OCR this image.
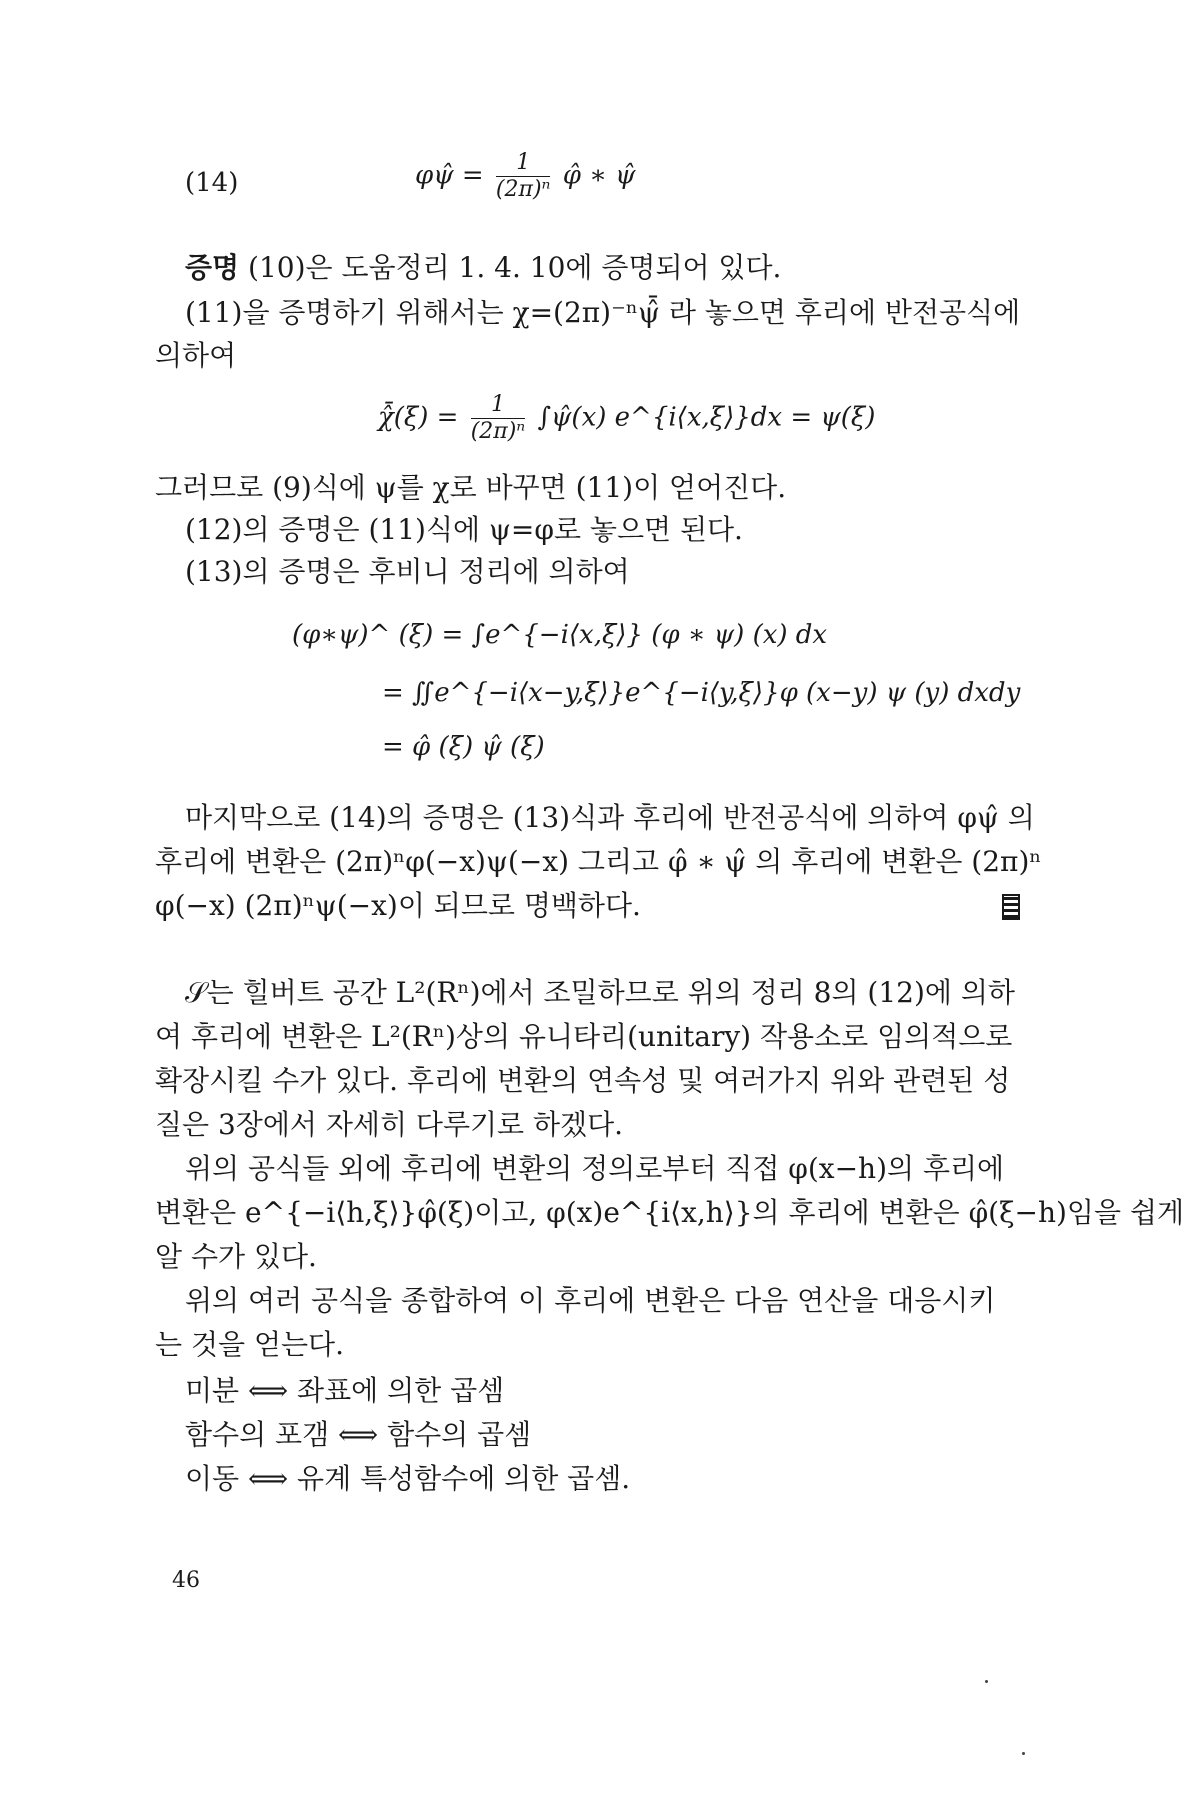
(14)	φψ̂ = $\frac{1}{\text{(2π)ⁿ}}$ φ̂ ∗ ψ̂
증명 (10)은 도움정리 1. 4. 10에 증명되어 있다.
(11)을 증명하기 위해서는 χ=(2π)⁻ⁿψ̂̄ 라 놓으면 후리에 반전공식에
의하여
χ̂̄(ξ) = $\frac{1}{\text{(2π)ⁿ}}$ ∫ψ̂(x) e^{i⟨x,ξ⟩}dx = ψ(ξ)
그러므로 (9)식에 ψ를 χ로 바꾸면 (11)이 얻어진다.
(12)의 증명은 (11)식에 ψ=φ로 놓으면 된다.
(13)의 증명은 후비니 정리에 의하여
(φ∗ψ)^ (ξ) = ∫e^{−i⟨x,ξ⟩} (φ ∗ ψ) (x) dx
= ∬e^{−i⟨x−y,ξ⟩}e^{−i⟨y,ξ⟩}φ (x−y) ψ (y) dxdy
= φ̂ (ξ) ψ̂ (ξ)
마지막으로 (14)의 증명은 (13)식과 후리에 반전공식에 의하여 φψ̂ 의
후리에 변환은 (2π)ⁿφ(−x)ψ(−x) 그리고 φ̂ ∗ ψ̂ 의 후리에 변환은 (2π)ⁿ
φ(−x) (2π)ⁿψ(−x)이 되므로 명백하다.
𝒮는 힐버트 공간 L²(Rⁿ)에서 조밀하므로 위의 정리 8의 (12)에 의하
여 후리에 변환은 L²(Rⁿ)상의 유니타리(unitary) 작용소로 임의적으로
확장시킬 수가 있다. 후리에 변환의 연속성 및 여러가지 위와 관련된 성
질은 3장에서 자세히 다루기로 하겠다.
위의 공식들 외에 후리에 변환의 정의로부터 직접 φ(x−h)의 후리에
변환은 e^{−i⟨h,ξ⟩}φ̂(ξ)이고, φ(x)e^{i⟨x,h⟩}의 후리에 변환은 φ̂(ξ−h)임을 쉽게
알 수가 있다.
위의 여러 공식을 종합하여 이 후리에 변환은 다음 연산을 대응시키
는 것을 얻는다.
미분 ⟺ 좌표에 의한 곱셈
함수의 포갬 ⟺ 함수의 곱셈
이동 ⟺ 유계 특성함수에 의한 곱셈.
46
